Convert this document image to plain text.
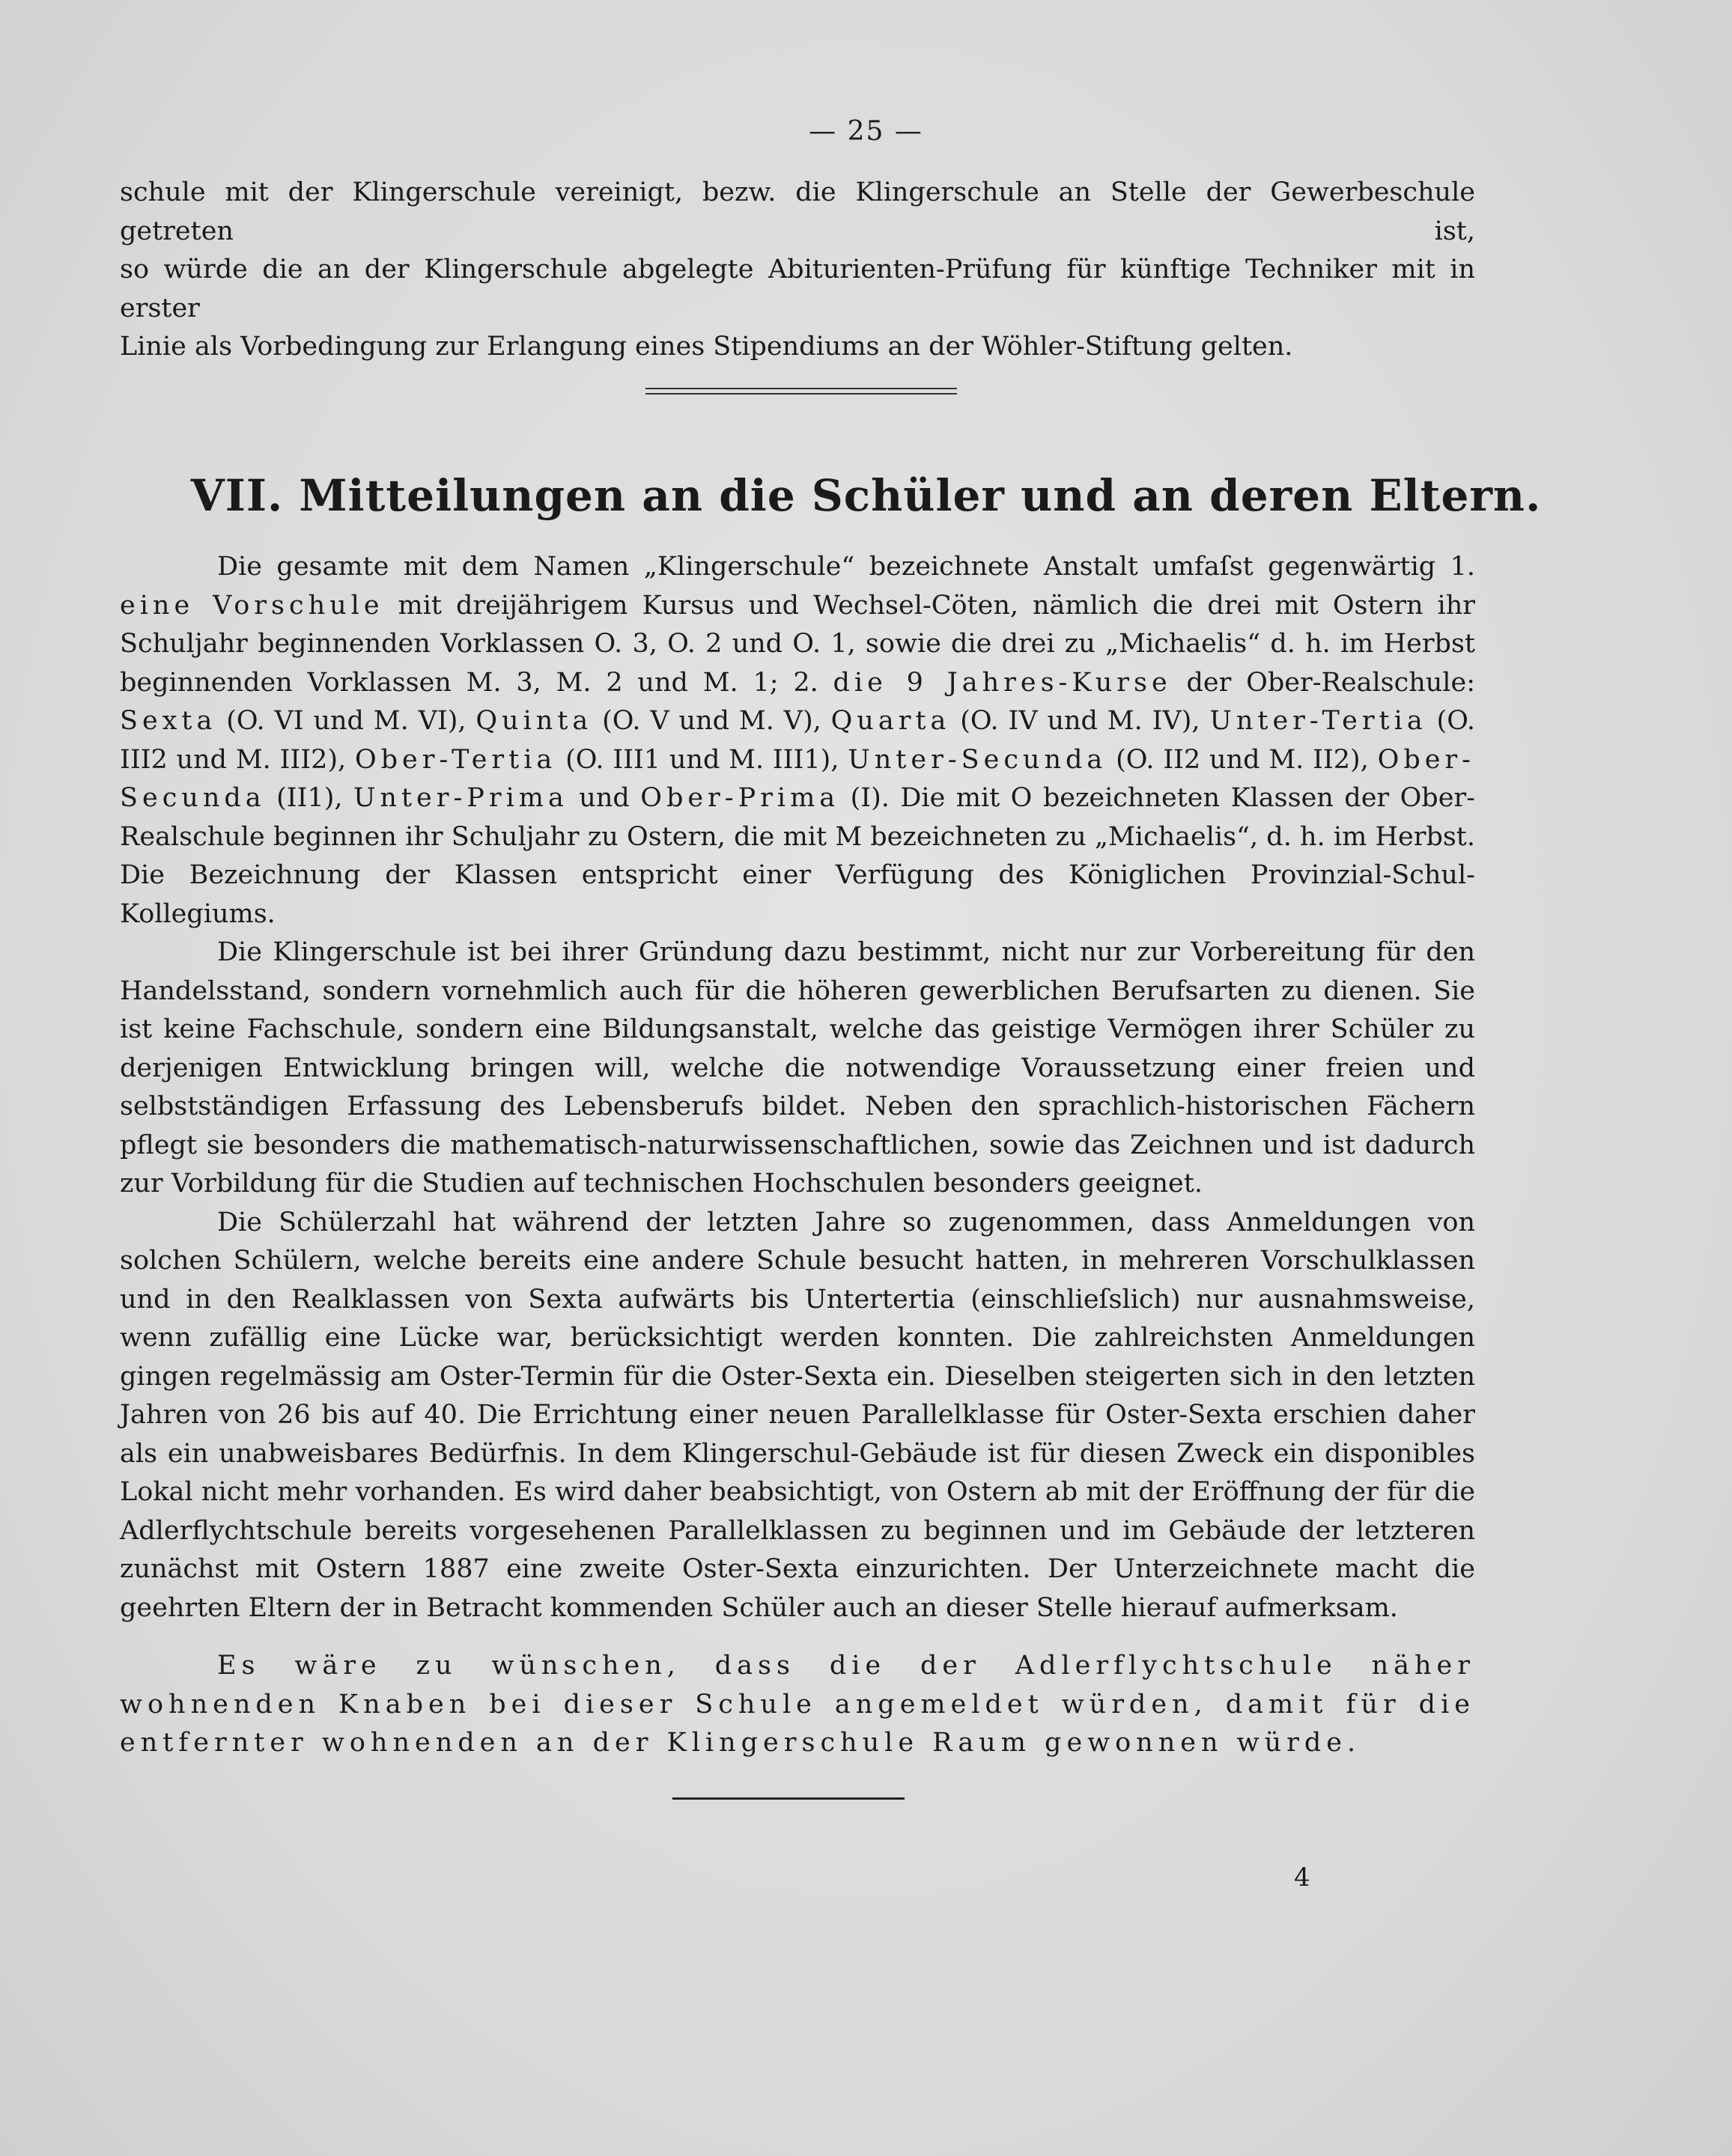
— 25 —
schule mit der Klingerschule vereinigt, bezw. die Klingerschule an Stelle der Gewerbeschule getreten ist,
so würde die an der Klingerschule abgelegte Abiturienten-Prüfung für künftige Techniker mit in erster
Linie als Vorbedingung zur Erlangung eines Stipendiums an der Wöhler-Stiftung gelten.
VII. Mitteilungen an die Schüler und an deren Eltern.

Die gesamte mit dem Namen „Klingerschule“ bezeichnete Anstalt umfaſst gegenwärtig 1. eine Vorschule mit dreijährigem Kursus und Wechsel-Cöten, nämlich die drei mit Ostern ihr Schuljahr beginnenden Vorklassen O. 3, O. 2 und O. 1, sowie die drei zu „Michaelis“ d. h. im Herbst beginnenden Vorklassen M. 3, M. 2 und M. 1; 2. die 9 Jahres-Kurse der Ober-Realschule: Sexta (O. VI und M. VI), Quinta (O. V und M. V), Quarta (O. IV und M. IV), Unter-Tertia (O. III2 und M. III2), Ober-Tertia (O. III1 und M. III1), Unter-Secunda (O. II2 und M. II2), Ober-Secunda (II1), Unter-Prima und Ober-Prima (I). Die mit O bezeichneten Klassen der Ober-Realschule beginnen ihr Schuljahr zu Ostern, die mit M bezeichneten zu „Michaelis“, d. h. im Herbst. Die Bezeichnung der Klassen entspricht einer Verfügung des Königlichen Provinzial-Schul-Kollegiums.

Die Klingerschule ist bei ihrer Gründung dazu bestimmt, nicht nur zur Vorbereitung für den Handelsstand, sondern vornehmlich auch für die höheren gewerblichen Berufsarten zu dienen. Sie ist keine Fachschule, sondern eine Bildungsanstalt, welche das geistige Vermögen ihrer Schüler zu derjenigen Entwicklung bringen will, welche die notwendige Voraussetzung einer freien und selbstständigen Erfassung des Lebensberufs bildet. Neben den sprachlich-historischen Fächern pflegt sie besonders die mathematisch-naturwissenschaftlichen, sowie das Zeichnen und ist dadurch zur Vorbildung für die Studien auf technischen Hochschulen besonders geeignet.

Die Schülerzahl hat während der letzten Jahre so zugenommen, dass Anmeldungen von solchen Schülern, welche bereits eine andere Schule besucht hatten, in mehreren Vorschulklassen und in den Realklassen von Sexta aufwärts bis Untertertia (einschlieſslich) nur ausnahmsweise, wenn zufällig eine Lücke war, berücksichtigt werden konnten. Die zahlreichsten Anmeldungen gingen regelmässig am Oster-Termin für die Oster-Sexta ein. Dieselben steigerten sich in den letzten Jahren von 26 bis auf 40. Die Errichtung einer neuen Parallelklasse für Oster-Sexta erschien daher als ein unabweisbares Bedürfnis. In dem Klingerschul-Gebäude ist für diesen Zweck ein disponibles Lokal nicht mehr vorhanden. Es wird daher beabsichtigt, von Ostern ab mit der Eröffnung der für die Adlerflychtschule bereits vorgesehenen Parallelklassen zu beginnen und im Gebäude der letzteren zunächst mit Ostern 1887 eine zweite Oster-Sexta einzurichten. Der Unterzeichnete macht die geehrten Eltern der in Betracht kommenden Schüler auch an dieser Stelle hierauf aufmerksam.

Es wäre zu wünschen, dass die der Adlerflychtschule näher wohnenden Knaben bei dieser Schule angemeldet würden, damit für die entfernter wohnenden an der Klingerschule Raum gewonnen würde.

4
